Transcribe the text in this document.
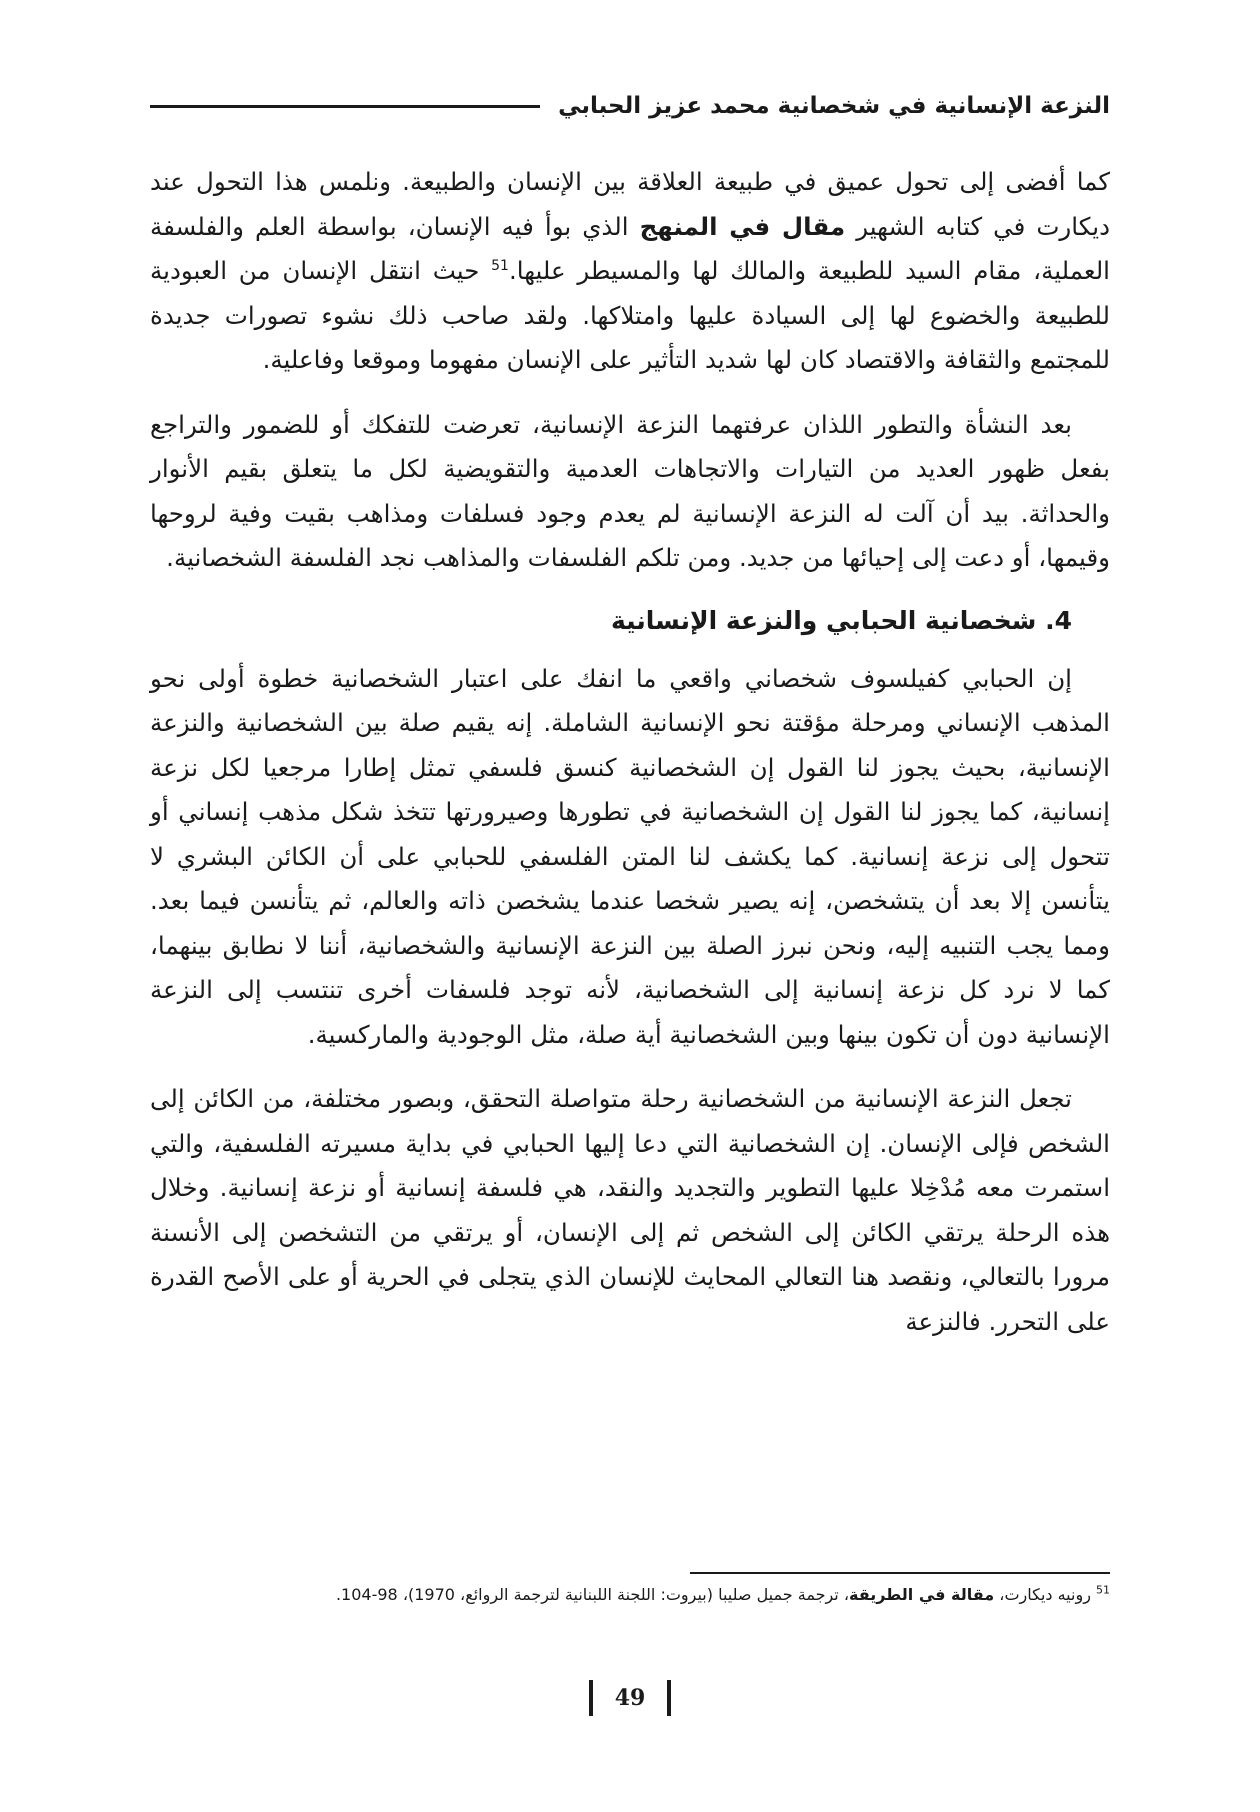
النزعة الإنسانية في شخصانية محمد عزيز الحبابي

كما أفضى إلى تحول عميق في طبيعة العلاقة بين الإنسان والطبيعة. ونلمس هذا التحول عند ديكارت في كتابه الشهير مقال في المنهج الذي بوأ فيه الإنسان، بواسطة العلم والفلسفة العملية، مقام السيد للطبيعة والمالك لها والمسيطر عليها.$^{51}$ حيث انتقل الإنسان من العبودية للطبيعة والخضوع لها إلى السيادة عليها وامتلاكها. ولقد صاحب ذلك نشوء تصورات جديدة للمجتمع والثقافة والاقتصاد كان لها شديد التأثير على الإنسان مفهوما وموقعا وفاعلية.

بعد النشأة والتطور اللذان عرفتهما النزعة الإنسانية، تعرضت للتفكك أو للضمور والتراجع بفعل ظهور العديد من التيارات والاتجاهات العدمية والتقويضية لكل ما يتعلق بقيم الأنوار والحداثة. بيد أن آلت له النزعة الإنسانية لم يعدم وجود فسلفات ومذاهب بقيت وفية لروحها وقيمها، أو دعت إلى إحيائها من جديد. ومن تلكم الفلسفات والمذاهب نجد الفلسفة الشخصانية.

4. شخصانية الحبابي والنزعة الإنسانية

إن الحبابي كفيلسوف شخصاني واقعي ما انفك على اعتبار الشخصانية خطوة أولى نحو المذهب الإنساني ومرحلة مؤقتة نحو الإنسانية الشاملة. إنه يقيم صلة بين الشخصانية والنزعة الإنسانية، بحيث يجوز لنا القول إن الشخصانية كنسق فلسفي تمثل إطارا مرجعيا لكل نزعة إنسانية، كما يجوز لنا القول إن الشخصانية في تطورها وصيرورتها تتخذ شكل مذهب إنساني أو تتحول إلى نزعة إنسانية. كما يكشف لنا المتن الفلسفي للحبابي على أن الكائن البشري لا يتأنسن إلا بعد أن يتشخصن، إنه يصير شخصا عندما يشخصن ذاته والعالم، ثم يتأنسن فيما بعد. ومما يجب التنبيه إليه، ونحن نبرز الصلة بين النزعة الإنسانية والشخصانية، أننا لا نطابق بينهما، كما لا نرد كل نزعة إنسانية إلى الشخصانية، لأنه توجد فلسفات أخرى تنتسب إلى النزعة الإنسانية دون أن تكون بينها وبين الشخصانية أية صلة، مثل الوجودية والماركسية.

تجعل النزعة الإنسانية من الشخصانية رحلة متواصلة التحقق، وبصور مختلفة، من الكائن إلى الشخص فإلى الإنسان. إن الشخصانية التي دعا إليها الحبابي في بداية مسيرته الفلسفية، والتي استمرت معه مُدْخِلا عليها التطوير والتجديد والنقد، هي فلسفة إنسانية أو نزعة إنسانية. وخلال هذه الرحلة يرتقي الكائن إلى الشخص ثم إلى الإنسان، أو يرتقي من التشخصن إلى الأنسنة مرورا بالتعالي، ونقصد هنا التعالي المحايث للإنسان الذي يتجلى في الحرية أو على الأصح القدرة على التحرر. فالنزعة

$^{51}$ رونيه ديكارت، مقالة في الطريقة، ترجمة جميل صليبا (بيروت: اللجنة اللبنانية لترجمة الروائع، 1970)، 98-104.
49
